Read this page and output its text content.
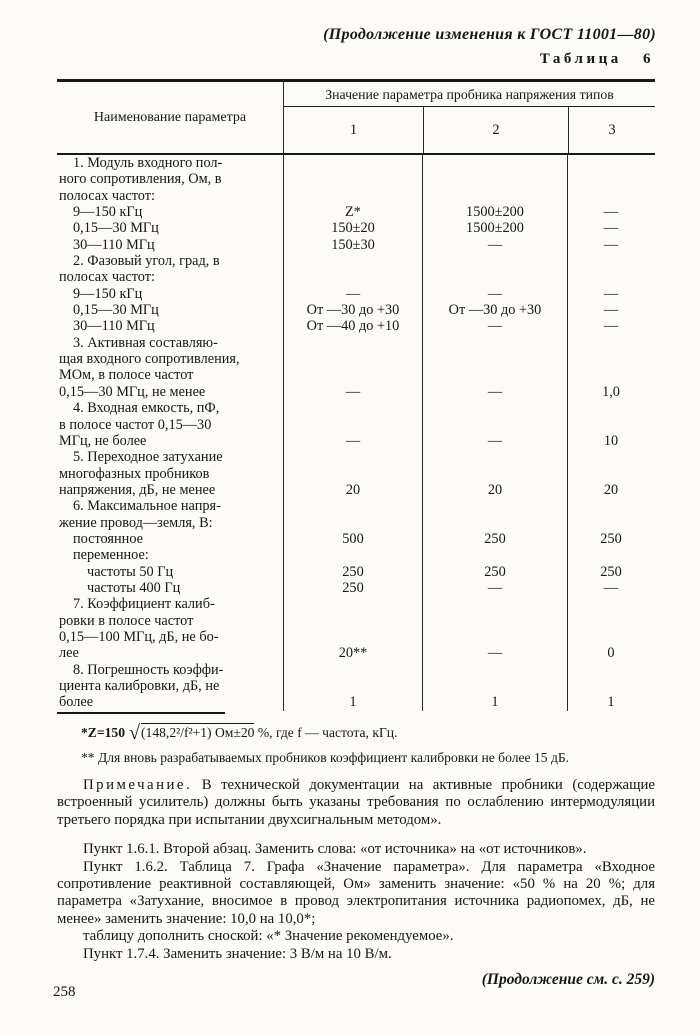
(Продолжение изменения к ГОСТ 11001—80)
Таблица 6
Наименование параметра
Значение параметра пробника напряжения типов
1	2	3
1. Модуль входного пол-
ного сопротивления, Ом, в
полосах частот:
9—150 кГц	Z*	1500±200	—
0,15—30 МГц	150±20	1500±200	—
30—110 МГц	150±30	—	—
2. Фазовый угол, град, в
полосах частот:
9—150 кГц	—	—	—
0,15—30 МГц	От —30 до +30	От —30 до +30	—
30—110 МГц	От —40 до +10	—	—
3. Активная составляю-
щая входного сопротивления,
МОм, в полосе частот
0,15—30 МГц, не менее	—	—	1,0
4. Входная емкость, пФ,
в полосе частот 0,15—30
МГц, не более	—	—	10
5. Переходное затухание
многофазных пробников
напряжения, дБ, не менее	20	20	20
6. Максимальное напря-
жение провод—земля, В:
постоянное	500	250	250
переменное:
частоты 50 Гц	250	250	250
частоты 400 Гц	250	—	—
7. Коэффициент калиб-
ровки в полосе частот
0,15—100 МГц, дБ, не бо-
лее	20**	—	0
8. Погрешность коэффи-
циента калибровки, дБ, не
более	1	1	1

*Z=150 √(148,2²/f²+1) Ом±20 %, где f — частота, кГц.

** Для вновь разрабатываемых пробников коэффициент калибровки не более 15 дБ.

Примечание. В технической документации на активные пробники (содержащие встроенный усилитель) должны быть указаны требования по ослаблению интермодуляции третьего порядка при испытании двухсигнальным методом».

Пункт 1.6.1. Второй абзац. Заменить слова: «от источника» на «от источников».

Пункт 1.6.2. Таблица 7. Графа «Значение параметра». Для параметра «Входное сопротивление реактивной составляющей, Ом» заменить значение: «50 % на 20 %; для параметра «Затухание, вносимое в провод электропитания источника радиопомех, дБ, не менее» заменить значение: 10,0 на 10,0*;

таблицу дополнить сноской: «* Значение рекомендуемое».

Пункт 1.7.4. Заменить значение: 3 В/м на 10 В/м.

(Продолжение см. с. 259)
258
